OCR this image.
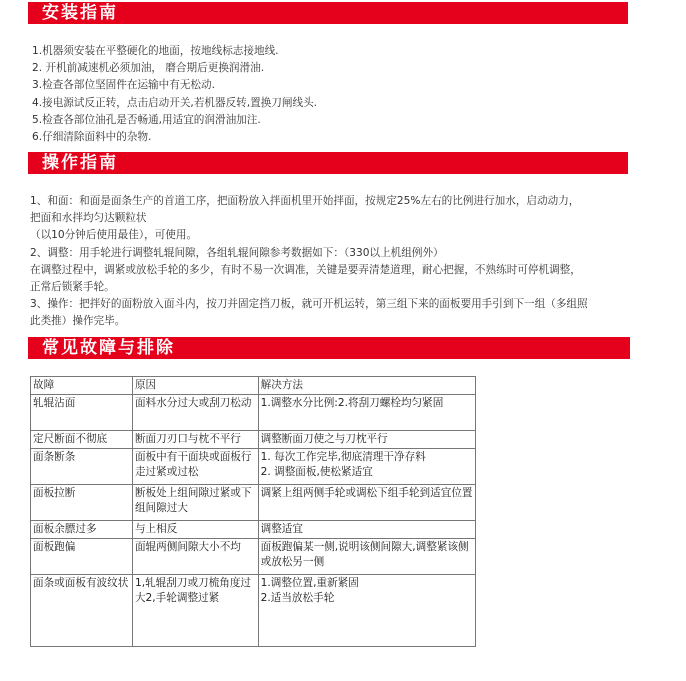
安装指南
1.机器须安装在平整硬化的地面，按地线标志接地线.
2. 开机前减速机必须加油， 磨合期后更换润滑油.
3.检查各部位坚固件在运输中有无松动.
4.接电源试反正转，点击启动开关,若机器反转,置换刀闸线头.
5.检查各部位油孔是否畅通,用适宜的润滑油加注.
6.仔细清除面料中的杂物.
操作指南
1、和面：和面是面条生产的首道工序，把面粉放入拌面机里开始拌面，按规定25%左右的比例进行加水，启动动力，
把面和水拌均匀达颗粒状
（以10分钟后使用最佳），可使用。
2、调整：用手轮进行调整轧辊间隙，各组轧辊间隙参考数据如下：（330以上机组例外）
在调整过程中，调紧或放松手轮的多少，有时不易一次调准，关键是要弄清楚道理，耐心把握，不熟练时可停机调整，
正常后锁紧手轮。
3、操作：把拌好的面粉放入面斗内，按刀并固定挡刀板，就可开机运转，第三组下来的面板要用手引到下一组（多组照
此类推）操作完毕。
常见故障与排除
故障	原因	解决方法
轧辊沾面	面料水分过大或刮刀松动	1.调整水分比例:2.将刮刀螺栓均匀紧固
定尺断面不彻底	断面刀刃口与枕不平行	调整断面刀使之与刀枕平行
面条断条	面板中有干面块或面板行走过紧或过松	1. 每次工作完毕,彻底清理干净存料
2. 调整面板,使松紧适宜
面板拉断	断板处上组间隙过紧或下组间隙过大	调紧上组两侧手轮或调松下组手轮到适宜位置
面板余膘过多	与上相反	调整适宜
面板跑偏	面辊两侧间隙大小不均	面板跑偏某一侧,说明该侧间隙大,调整紧该侧或放松另一侧
面条或面板有波纹状	1,轧辊刮刀或刀梳角度过大2,手轮调整过紧	1.调整位置,重新紧固
2.适当放松手轮
